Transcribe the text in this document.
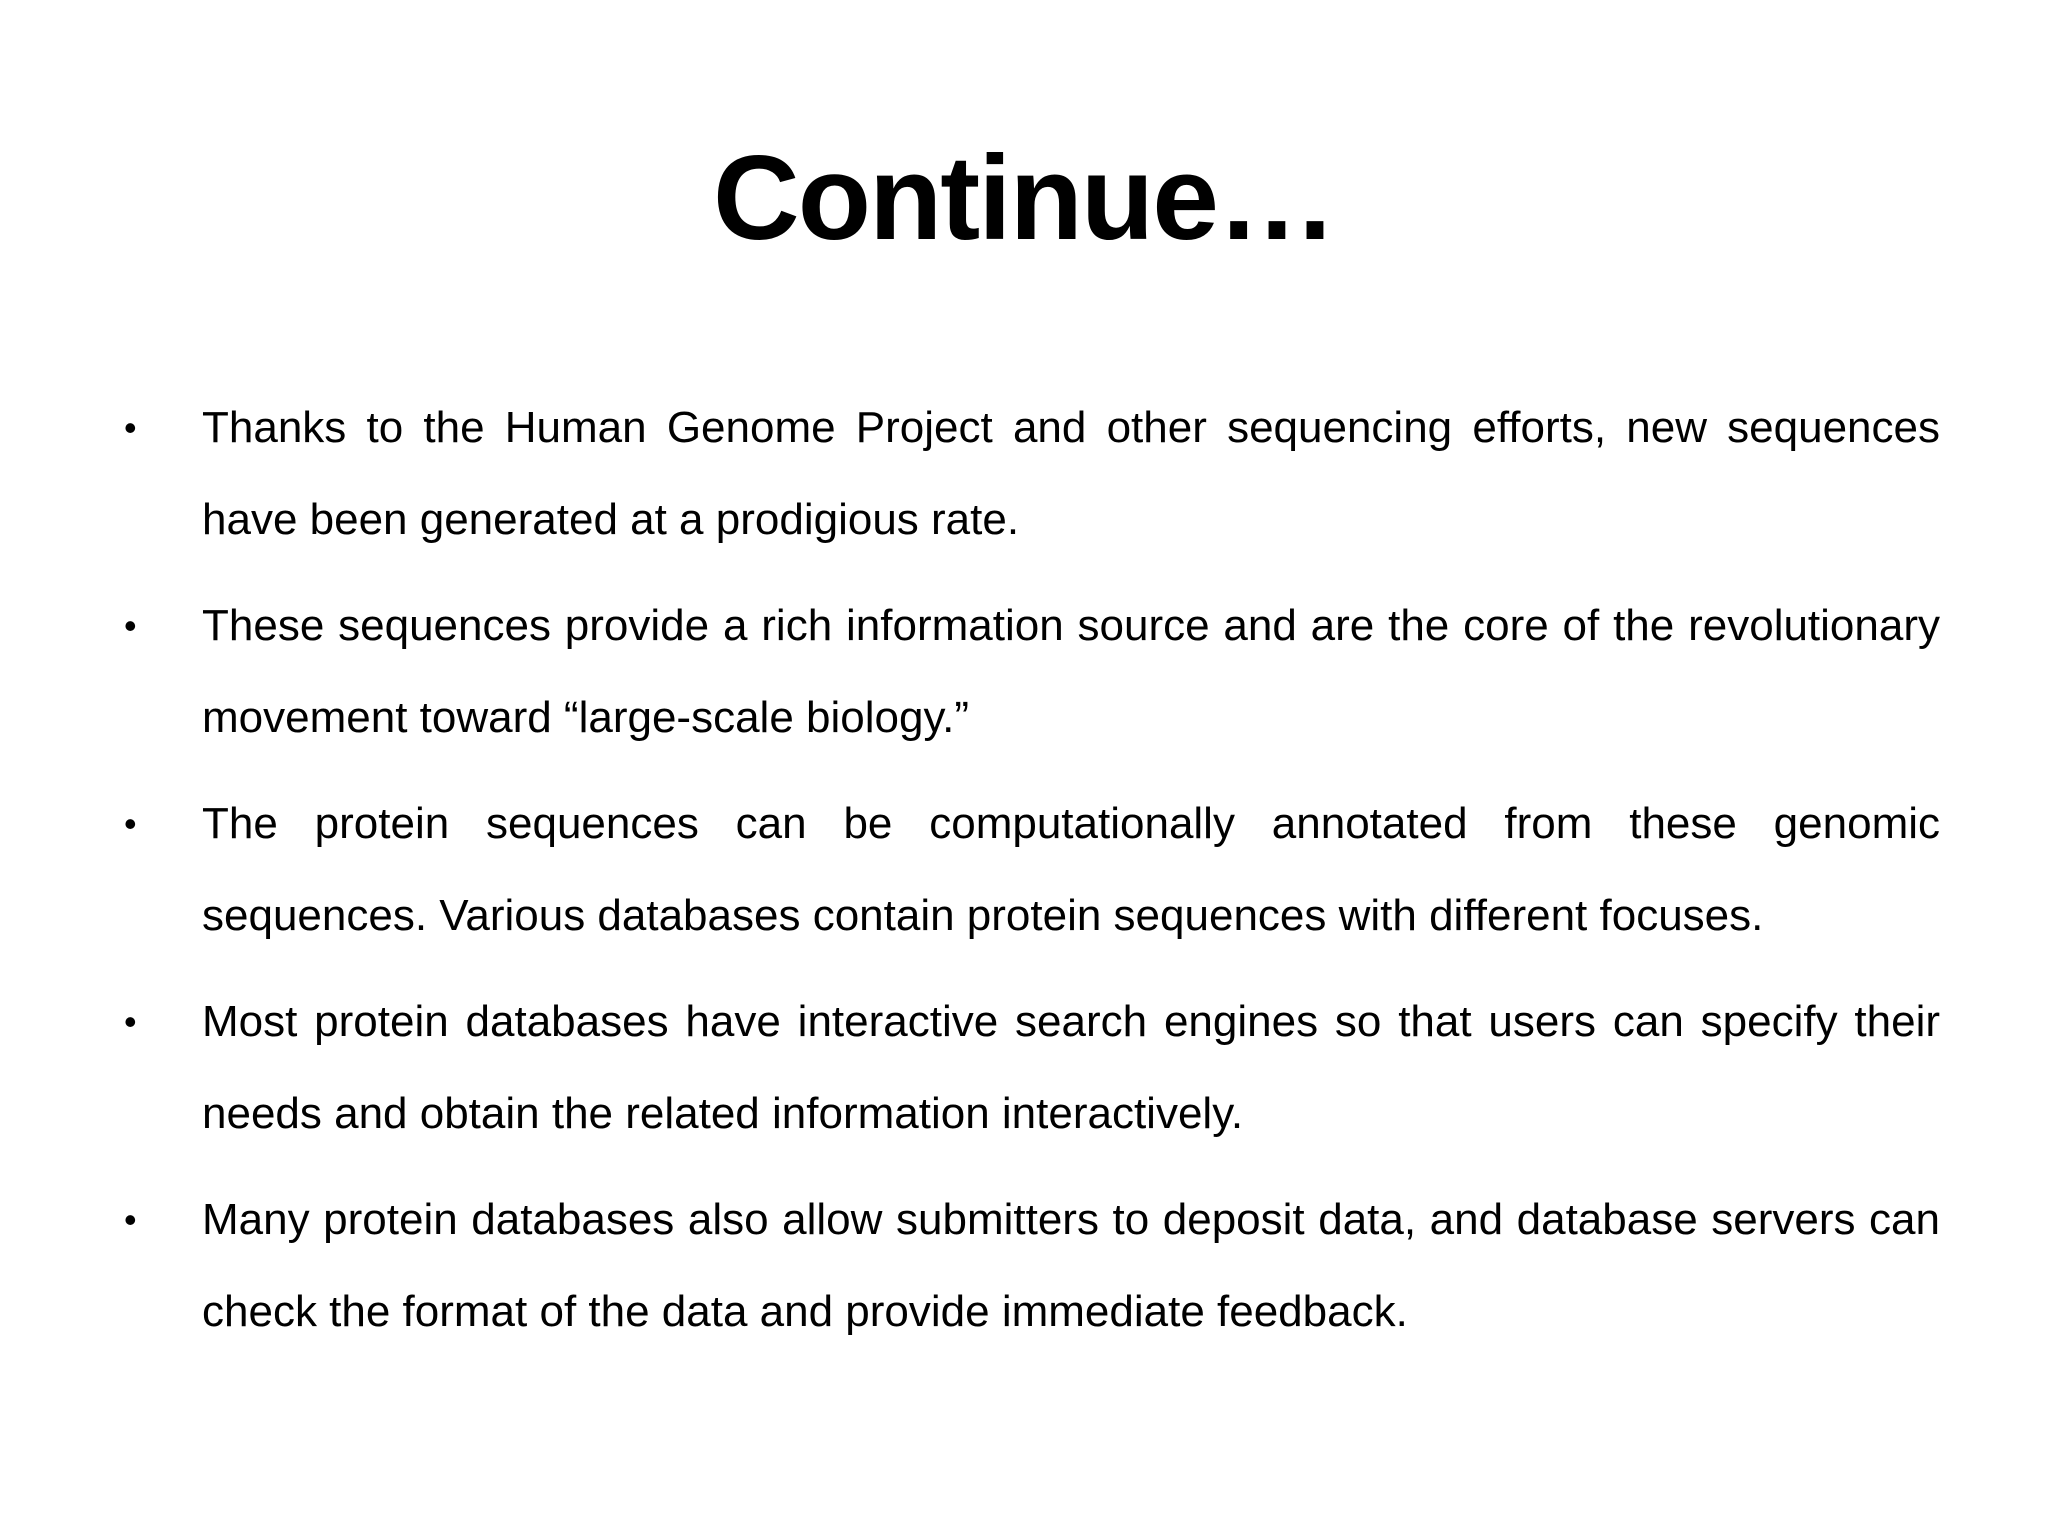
Continue…
• Thanks to the Human Genome Project and other sequencing efforts, new sequences have been generated at a prodigious rate.
• These sequences provide a rich information source and are the core of the revolutionary movement toward “large-scale biology.”
• The protein sequences can be computationally annotated from these genomic sequences. Various databases contain protein sequences with different focuses.
• Most protein databases have interactive search engines so that users can specify their needs and obtain the related information interactively.
• Many protein databases also allow submitters to deposit data, and database servers can check the format of the data and provide immediate feedback.
